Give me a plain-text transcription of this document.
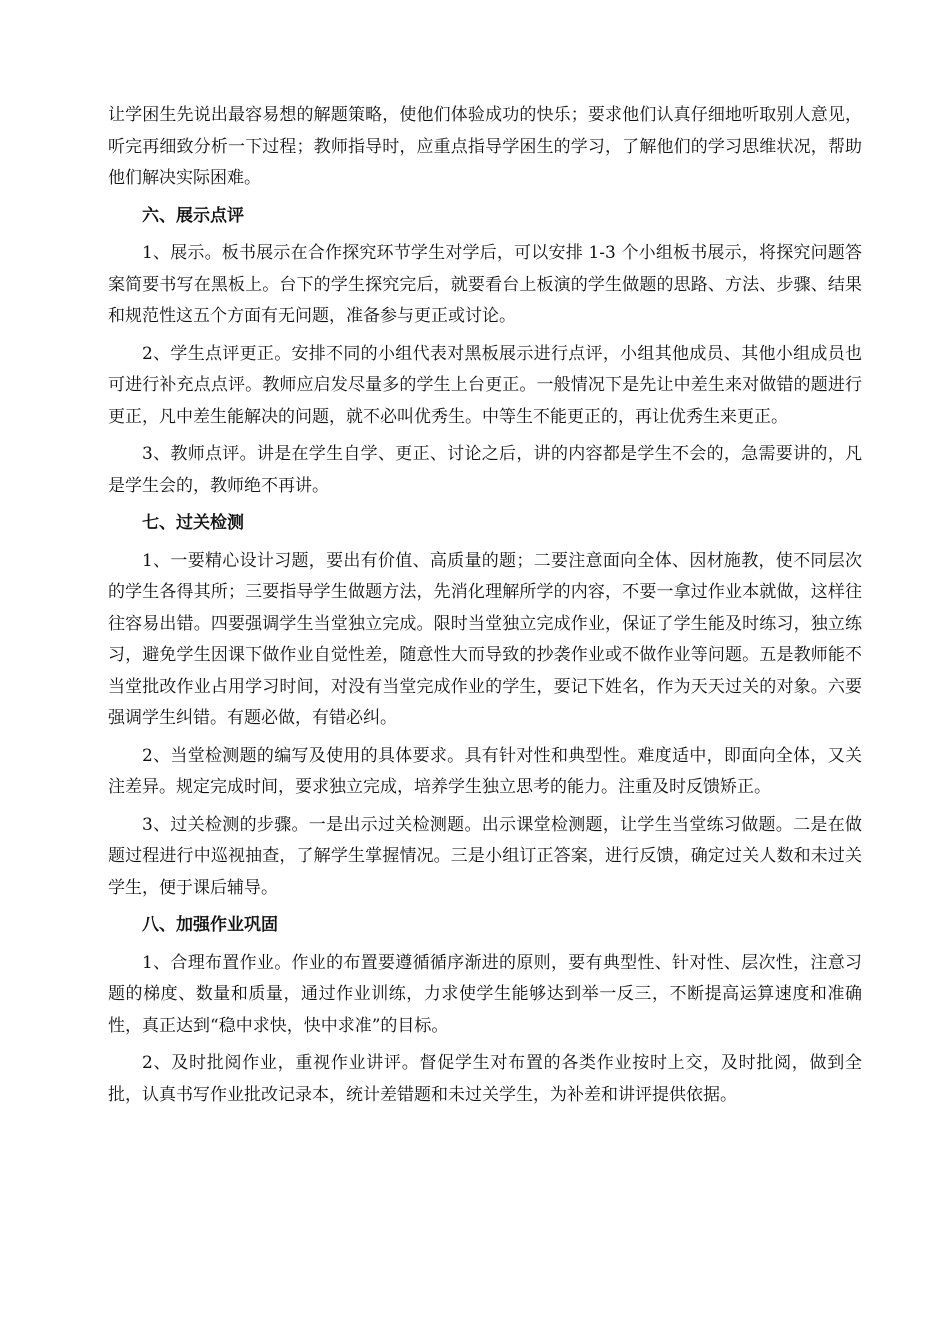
让学困生先说出最容易想的解题策略，使他们体验成功的快乐；要求他们认真仔细地听取别人意见，听完再细致分析一下过程；教师指导时，应重点指导学困生的学习，了解他们的学习思维状况，帮助他们解决实际困难。

六、展示点评

1、展示。板书展示在合作探究环节学生对学后，可以安排 1-3 个小组板书展示，将探究问题答案简要书写在黑板上。台下的学生探究完后，就要看台上板演的学生做题的思路、方法、步骤、结果和规范性这五个方面有无问题，准备参与更正或讨论。

2、学生点评更正。安排不同的小组代表对黑板展示进行点评，小组其他成员、其他小组成员也可进行补充点点评。教师应启发尽量多的学生上台更正。一般情况下是先让中差生来对做错的题进行更正，凡中差生能解决的问题，就不必叫优秀生。中等生不能更正的，再让优秀生来更正。

3、教师点评。讲是在学生自学、更正、讨论之后，讲的内容都是学生不会的，急需要讲的，凡是学生会的，教师绝不再讲。

七、过关检测

1、一要精心设计习题，要出有价值、高质量的题；二要注意面向全体、因材施教，使不同层次的学生各得其所；三要指导学生做题方法，先消化理解所学的内容，不要一拿过作业本就做，这样往往容易出错。四要强调学生当堂独立完成。限时当堂独立完成作业，保证了学生能及时练习，独立练习，避免学生因课下做作业自觉性差，随意性大而导致的抄袭作业或不做作业等问题。五是教师能不当堂批改作业占用学习时间，对没有当堂完成作业的学生，要记下姓名，作为天天过关的对象。六要强调学生纠错。有题必做，有错必纠。

2、当堂检测题的编写及使用的具体要求。具有针对性和典型性。难度适中，即面向全体，又关注差异。规定完成时间，要求独立完成，培养学生独立思考的能力。注重及时反馈矫正。

3、过关检测的步骤。一是出示过关检测题。出示课堂检测题，让学生当堂练习做题。二是在做题过程进行中巡视抽查，了解学生掌握情况。三是小组订正答案，进行反馈，确定过关人数和未过关学生，便于课后辅导。

八、加强作业巩固

1、合理布置作业。作业的布置要遵循循序渐进的原则，要有典型性、针对性、层次性，注意习题的梯度、数量和质量，通过作业训练，力求使学生能够达到举一反三，不断提高运算速度和准确性，真正达到“稳中求快，快中求准”的目标。

2、及时批阅作业，重视作业讲评。督促学生对布置的各类作业按时上交，及时批阅，做到全批，认真书写作业批改记录本，统计差错题和未过关学生，为补差和讲评提供依据。
